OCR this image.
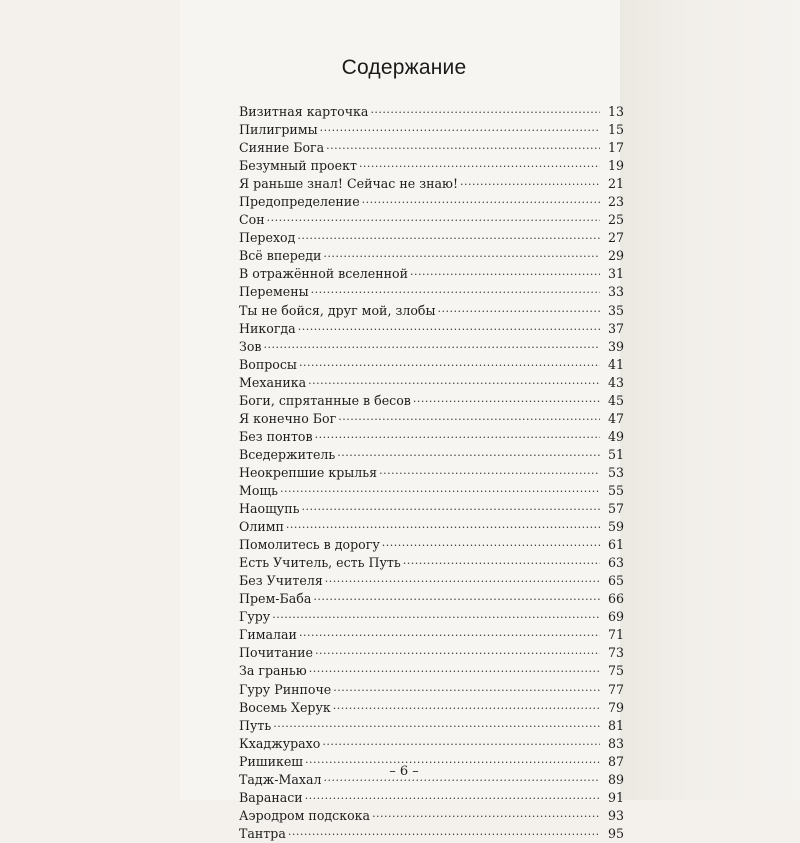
Содержание
Визитная карточка .....	13
Пилигримы .....	15
Сияние Бога .....	17
Безумный проект .....	19
Я раньше знал! Сейчас не знаю! .....	21
Предопределение .....	23
Сон .....	25
Переход .....	27
Всё впереди .....	29
В отражённой вселенной .....	31
Перемены .....	33
Ты не бойся, друг мой, злобы .....	35
Никогда .....	37
Зов .....	39
Вопросы .....	41
Механика .....	43
Боги, спрятанные в бесов .....	45
Я конечно Бог .....	47
Без понтов .....	49
Вседержитель .....	51
Неокрепшие крылья .....	53
Мощь .....	55
Наощупь .....	57
Олимп .....	59
Помолитесь в дорогу .....	61
Есть Учитель, есть Путь .....	63
Без Учителя .....	65
Прем-Баба .....	66
Гуру .....	69
Гималаи .....	71
Почитание .....	73
За гранью .....	75
Гуру Ринпоче .....	77
Восемь Херук .....	79
Путь .....	81
Кхаджурахо .....	83
Ришикеш .....	87
Тадж-Махал .....	89
Варанаси .....	91
Аэродром подскока .....	93
Тантра .....	95
– 6 –
